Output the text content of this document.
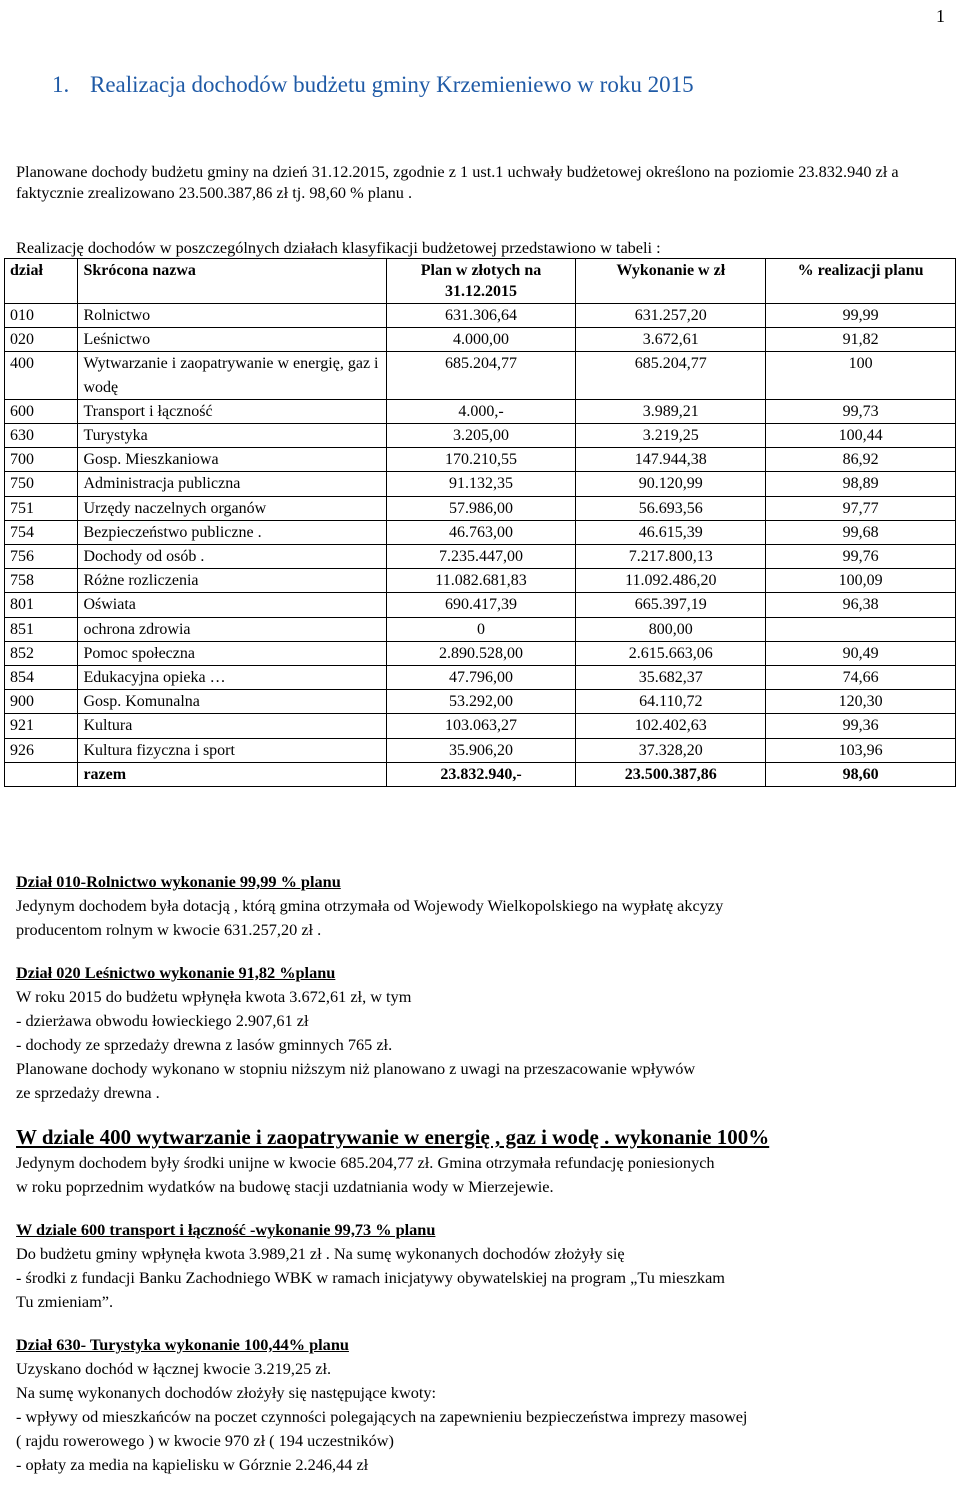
1
1. Realizacja dochodów budżetu gminy Krzemieniewo w roku 2015
Planowane dochody budżetu gminy na dzień 31.12.2015, zgodnie z 1 ust.1 uchwały budżetowej określono na poziomie 23.832.940 zł a faktycznie zrealizowano 23.500.387,86 zł tj. 98,60 % planu .
Realizację dochodów w poszczególnych działach klasyfikacji budżetowej przedstawiono w tabeli :
dział	Skrócona nazwa	Plan w złotych na 31.12.2015	Wykonanie w zł	% realizacji planu
010	Rolnictwo	631.306,64	631.257,20	99,99
020	Leśnictwo	4.000,00	3.672,61	91,82
400	Wytwarzanie i zaopatrywanie w energię, gaz i wodę	685.204,77	685.204,77	100
600	Transport i łączność	4.000,-	3.989,21	99,73
630	Turystyka	3.205,00	3.219,25	100,44
700	Gosp. Mieszkaniowa	170.210,55	147.944,38	86,92
750	Administracja publiczna	91.132,35	90.120,99	98,89
751	Urzędy naczelnych organów	57.986,00	56.693,56	97,77
754	Bezpieczeństwo publiczne .	46.763,00	46.615,39	99,68
756	Dochody od osób .	7.235.447,00	7.217.800,13	99,76
758	Różne rozliczenia	11.082.681,83	11.092.486,20	100,09
801	Oświata	690.417,39	665.397,19	96,38
851	ochrona zdrowia	0	800,00	
852	Pomoc społeczna	2.890.528,00	2.615.663,06	90,49
854	Edukacyjna opieka …	47.796,00	35.682,37	74,66
900	Gosp. Komunalna	53.292,00	64.110,72	120,30
921	Kultura	103.063,27	102.402,63	99,36
926	Kultura fizyczna i sport	35.906,20	37.328,20	103,96
	razem	23.832.940,-	23.500.387,86	98,60
Dział 010-Rolnictwo wykonanie 99,99 % planu
Jedynym dochodem była dotacją , którą gmina otrzymała od Wojewody Wielkopolskiego na wypłatę akcyzy
producentom rolnym w kwocie 631.257,20 zł .
Dział 020 Leśnictwo wykonanie 91,82 %planu
W roku 2015 do budżetu wpłynęła kwota 3.672,61 zł, w tym
- dzierżawa obwodu łowieckiego 2.907,61 zł
- dochody ze sprzedaży drewna z lasów gminnych 765 zł.
Planowane dochody wykonano w stopniu niższym niż planowano z uwagi na przeszacowanie wpływów
ze sprzedaży drewna .
W dziale 400 wytwarzanie i zaopatrywanie w energię , gaz i wodę . wykonanie 100%
Jedynym dochodem były środki unijne w kwocie 685.204,77 zł. Gmina otrzymała refundację poniesionych
w roku poprzednim wydatków na budowę stacji uzdatniania wody w Mierzejewie.
W dziale 600 transport i łączność -wykonanie 99,73 % planu
Do budżetu gminy wpłynęła kwota 3.989,21 zł . Na sumę wykonanych dochodów złożyły się
- środki z fundacji Banku Zachodniego WBK w ramach inicjatywy obywatelskiej na program „Tu mieszkam
Tu zmieniam”.
Dział 630- Turystyka wykonanie 100,44% planu
Uzyskano dochód w łącznej kwocie 3.219,25 zł.
Na sumę wykonanych dochodów złożyły się następujące kwoty:
- wpływy od mieszkańców na poczet czynności polegających na zapewnieniu bezpieczeństwa imprezy masowej
( rajdu rowerowego ) w kwocie 970 zł ( 194 uczestników)
- opłaty za media na kąpielisku w Górznie 2.246,44 zł
